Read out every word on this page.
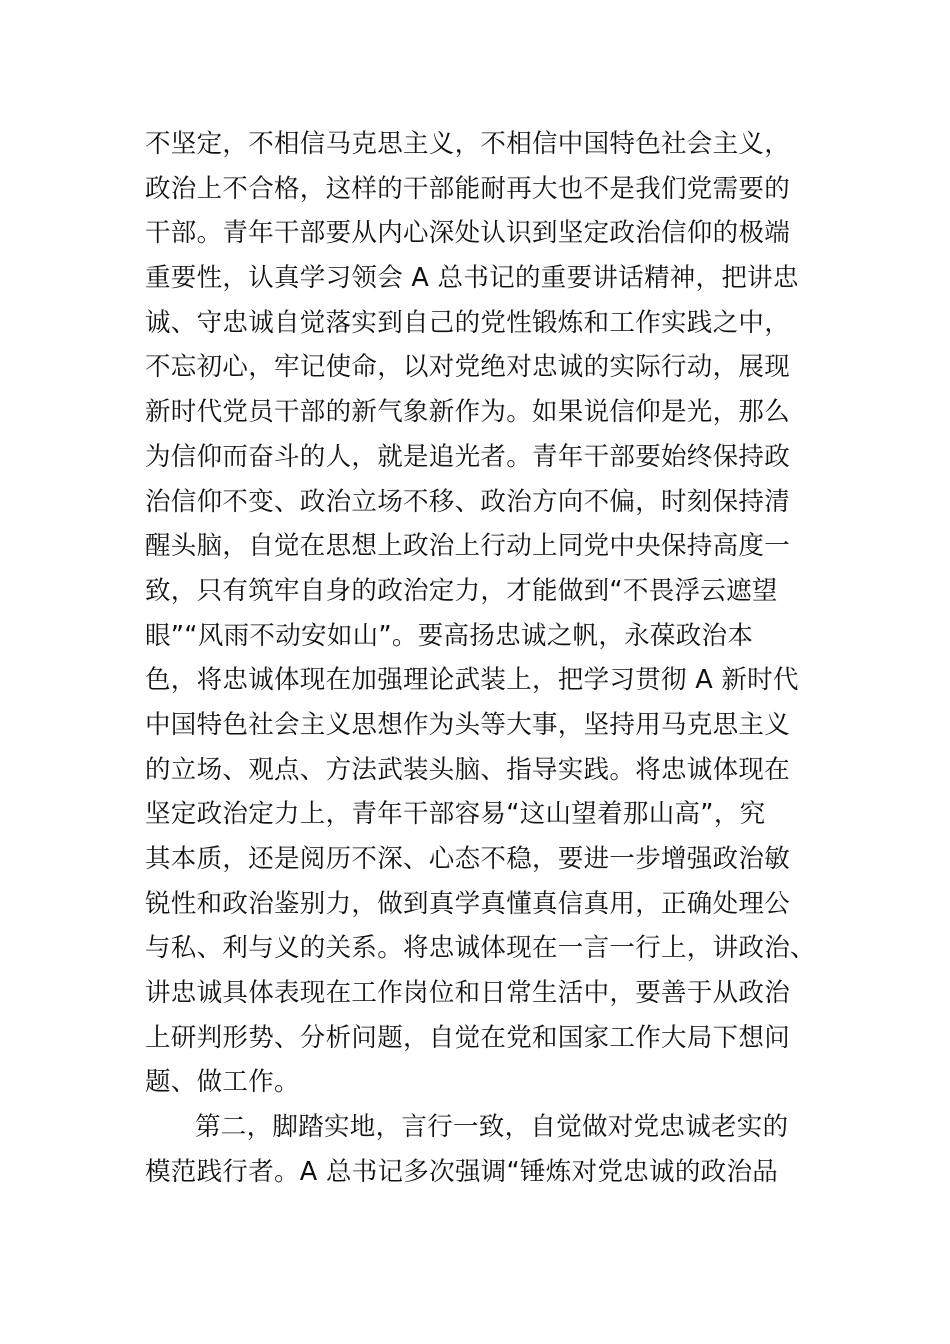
不坚定，不相信马克思主义，不相信中国特色社会主义，
政治上不合格，这样的干部能耐再大也不是我们党需要的
干部。青年干部要从内心深处认识到坚定政治信仰的极端
重要性，认真学习领会 A 总书记的重要讲话精神，把讲忠
诚、守忠诚自觉落实到自己的党性锻炼和工作实践之中，
不忘初心，牢记使命，以对党绝对忠诚的实际行动，展现
新时代党员干部的新气象新作为。如果说信仰是光，那么
为信仰而奋斗的人，就是追光者。青年干部要始终保持政
治信仰不变、政治立场不移、政治方向不偏，时刻保持清
醒头脑，自觉在思想上政治上行动上同党中央保持高度一
致，只有筑牢自身的政治定力，才能做到“不畏浮云遮望
眼”“风雨不动安如山”。要高扬忠诚之帆，永葆政治本
色，将忠诚体现在加强理论武装上，把学习贯彻 A 新时代
中国特色社会主义思想作为头等大事，坚持用马克思主义
的立场、观点、方法武装头脑、指导实践。将忠诚体现在
坚定政治定力上，青年干部容易“这山望着那山高”，究
其本质，还是阅历不深、心态不稳，要进一步增强政治敏
锐性和政治鉴别力，做到真学真懂真信真用，正确处理公
与私、利与义的关系。将忠诚体现在一言一行上，讲政治、
讲忠诚具体表现在工作岗位和日常生活中，要善于从政治
上研判形势、分析问题，自觉在党和国家工作大局下想问
题、做工作。
第二，脚踏实地，言行一致，自觉做对党忠诚老实的
模范践行者。A 总书记多次强调“锤炼对党忠诚的政治品
